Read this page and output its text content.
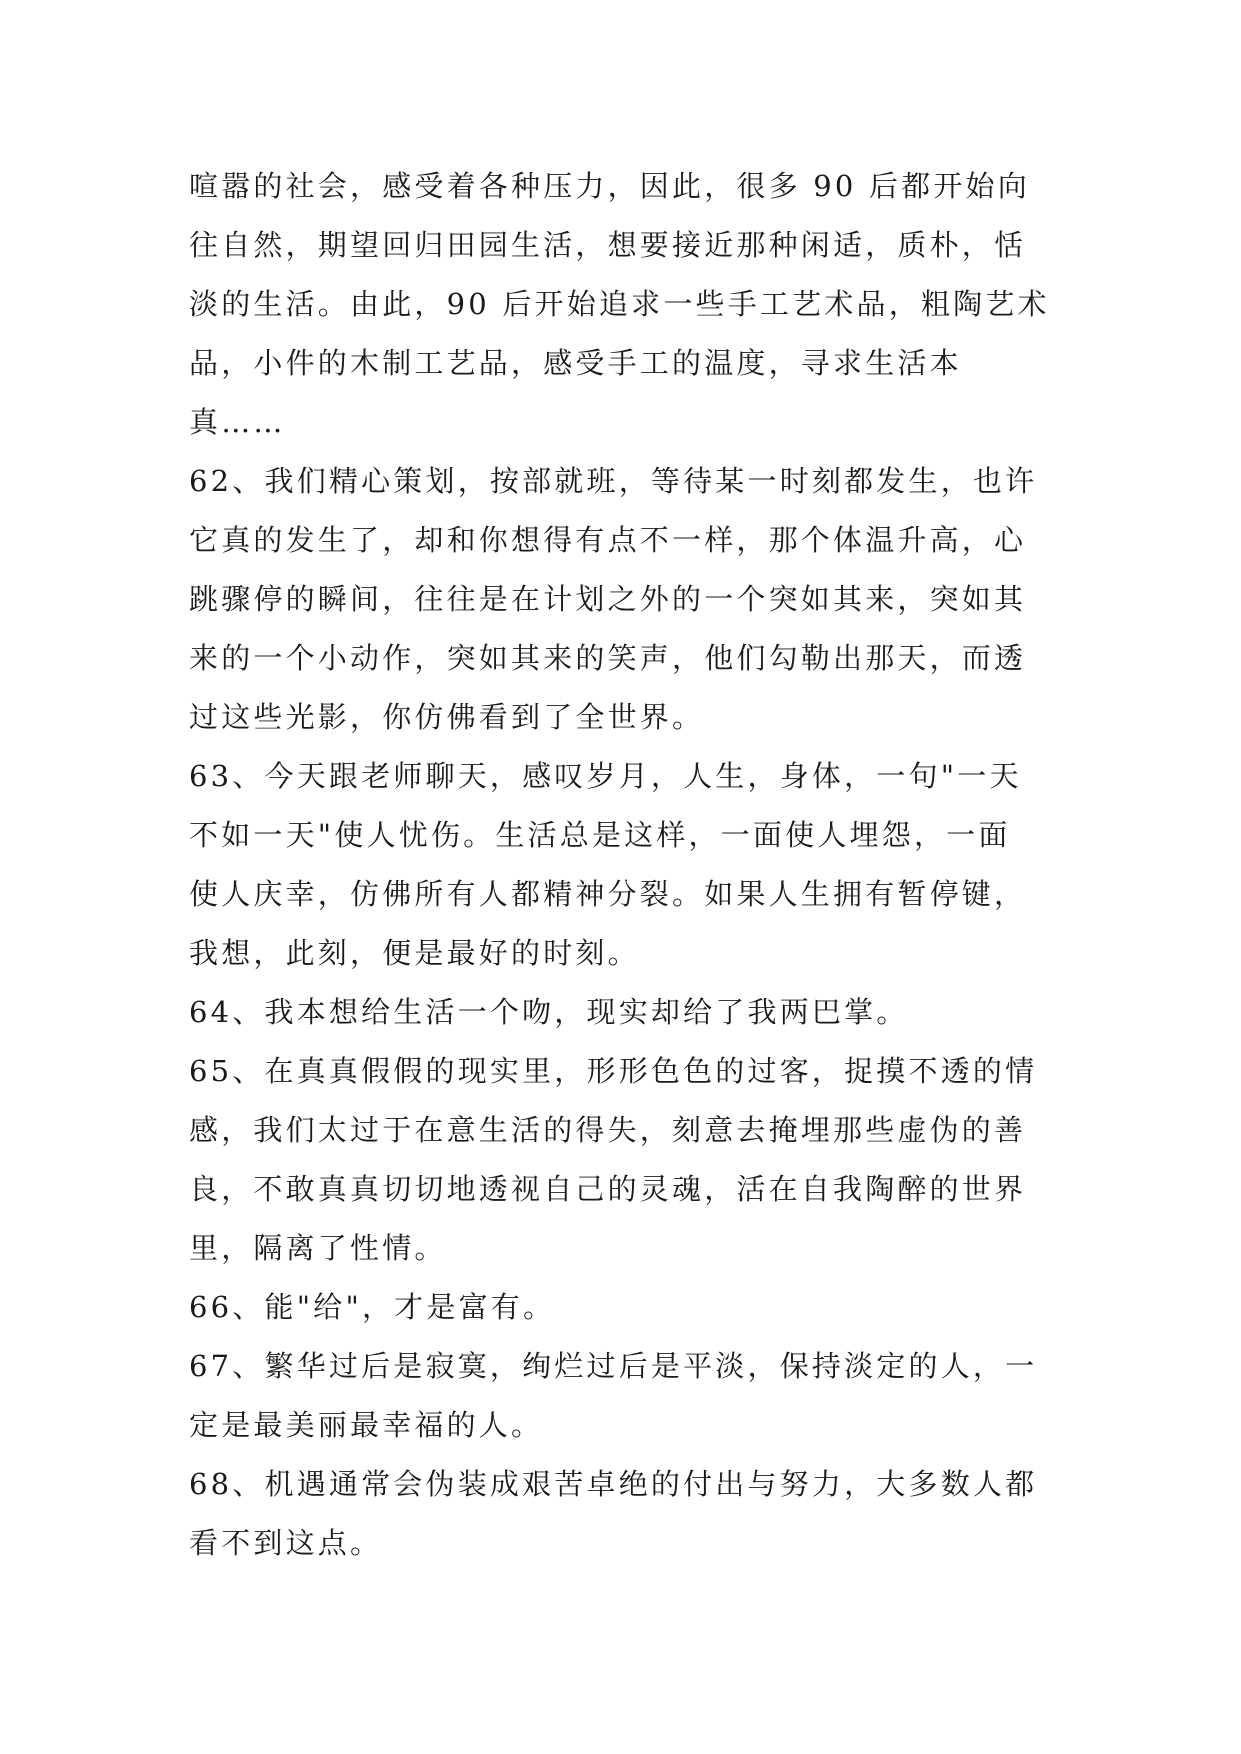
喧嚣的社会，感受着各种压力，因此，很多 90 后都开始向
往自然，期望回归田园生活，想要接近那种闲适，质朴，恬
淡的生活。由此，90 后开始追求一些手工艺术品，粗陶艺术
品，小件的木制工艺品，感受手工的温度，寻求生活本
真……
62、我们精心策划，按部就班，等待某一时刻都发生，也许
它真的发生了，却和你想得有点不一样，那个体温升高，心
跳骤停的瞬间，往往是在计划之外的一个突如其来，突如其
来的一个小动作，突如其来的笑声，他们勾勒出那天，而透
过这些光影，你仿佛看到了全世界。
63、今天跟老师聊天，感叹岁月，人生，身体，一句"一天
不如一天"使人忧伤。生活总是这样，一面使人埋怨，一面
使人庆幸，仿佛所有人都精神分裂。如果人生拥有暂停键，
我想，此刻，便是最好的时刻。
64、我本想给生活一个吻，现实却给了我两巴掌。
65、在真真假假的现实里，形形色色的过客，捉摸不透的情
感，我们太过于在意生活的得失，刻意去掩埋那些虚伪的善
良，不敢真真切切地透视自己的灵魂，活在自我陶醉的世界
里，隔离了性情。
66、能"给"，才是富有。
67、繁华过后是寂寞，绚烂过后是平淡，保持淡定的人，一
定是最美丽最幸福的人。
68、机遇通常会伪装成艰苦卓绝的付出与努力，大多数人都
看不到这点。
